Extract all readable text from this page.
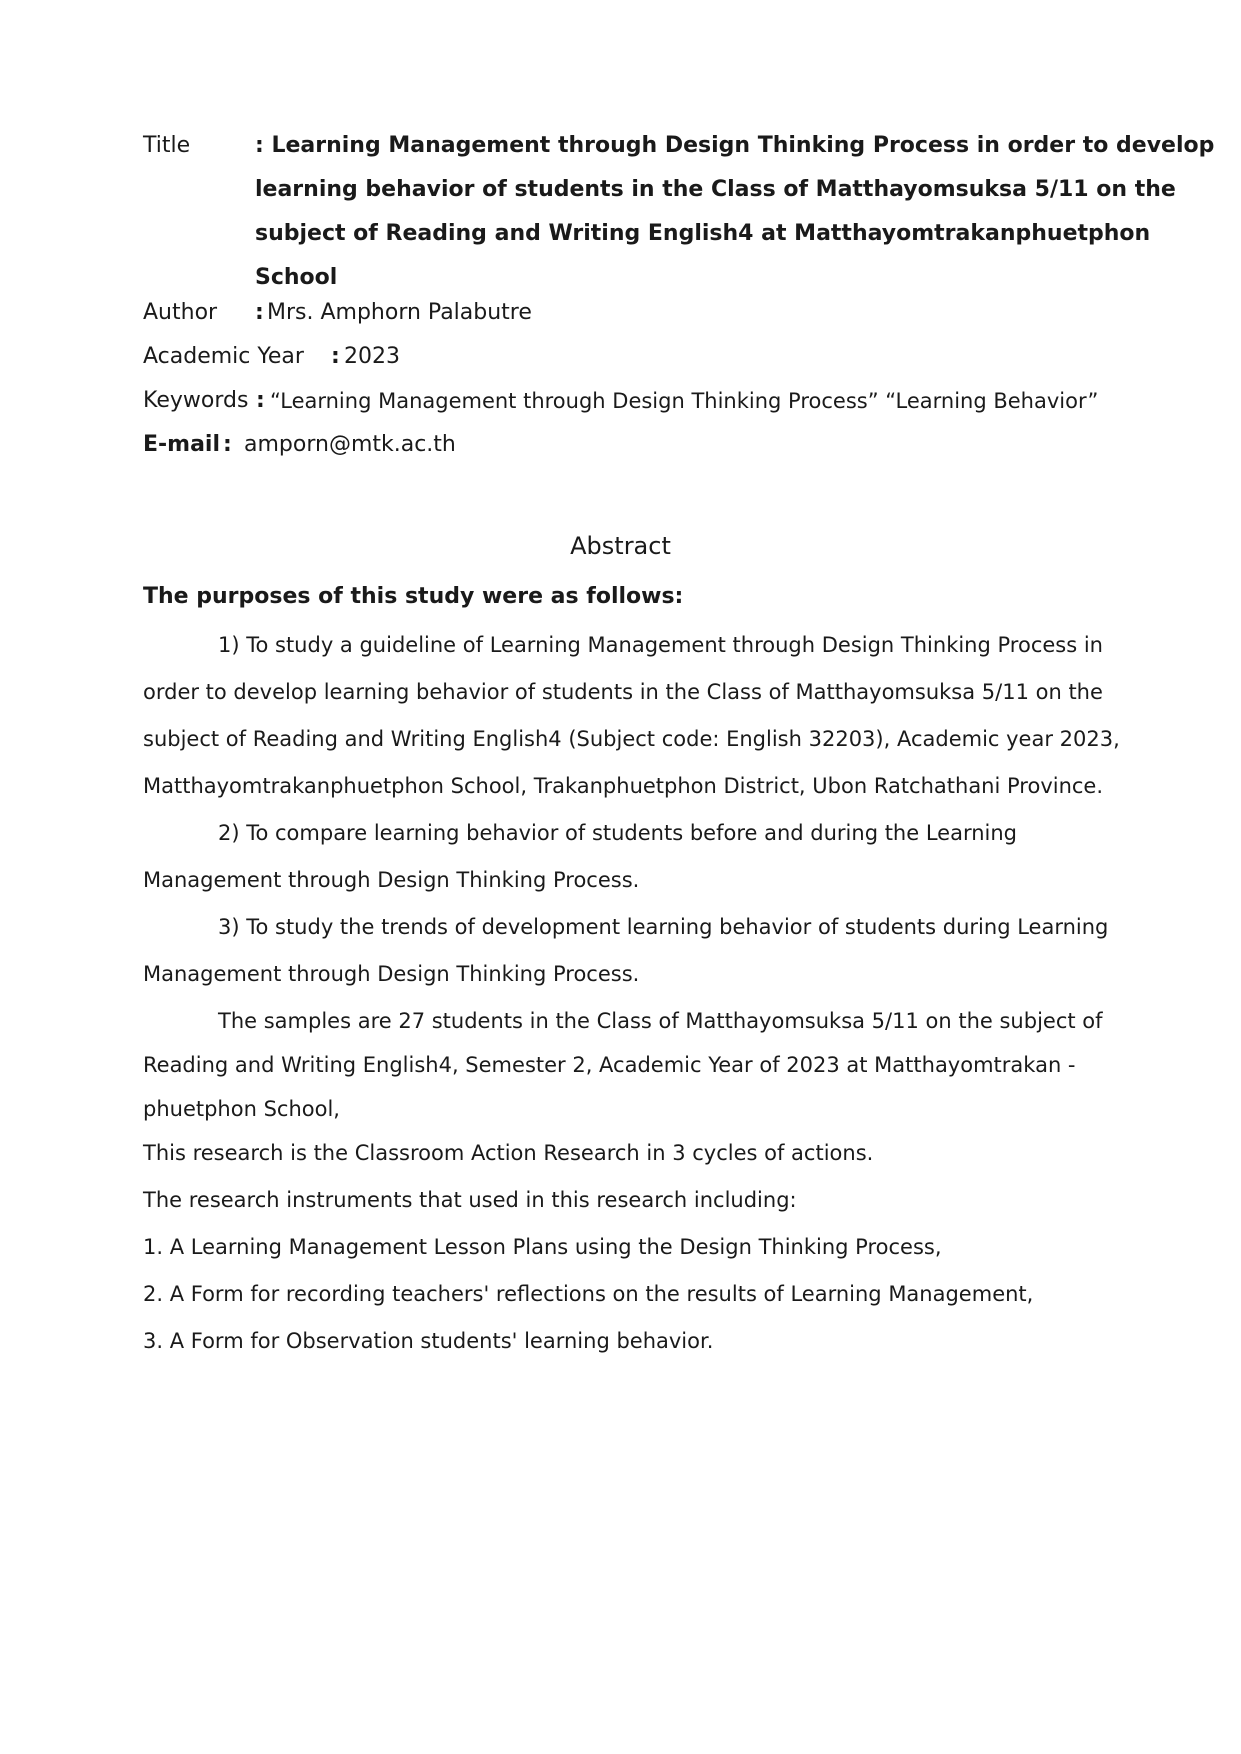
Title	: Learning Management through Design Thinking Process in order to develop
learning behavior of students in the Class of Matthayomsuksa 5/11 on the
subject of Reading and Writing English4 at Matthayomtrakanphuetphon
School
Author : Mrs. Amphorn Palabutre
Academic Year : 2023
Keywords : “Learning Management through Design Thinking Process” “Learning Behavior”
E-mail : amporn@mtk.ac.th
Abstract
The purposes of this study were as follows:
1) To study a guideline of Learning Management through Design Thinking Process in
order to develop learning behavior of students in the Class of Matthayomsuksa 5/11 on the
subject of Reading and Writing English4 (Subject code: English 32203), Academic year 2023,
Matthayomtrakanphuetphon School, Trakanphuetphon District, Ubon Ratchathani Province.
2) To compare learning behavior of students before and during the Learning
Management through Design Thinking Process.
3) To study the trends of development learning behavior of students during Learning
Management through Design Thinking Process.
The samples are 27 students in the Class of Matthayomsuksa 5/11 on the subject of
Reading and Writing English4, Semester 2, Academic Year of 2023 at Matthayomtrakan -
phuetphon School,
This research is the Classroom Action Research in 3 cycles of actions.
The research instruments that used in this research including:
1. A Learning Management Lesson Plans using the Design Thinking Process,
2. A Form for recording teachers' reflections on the results of Learning Management,
3. A Form for Observation students' learning behavior.
